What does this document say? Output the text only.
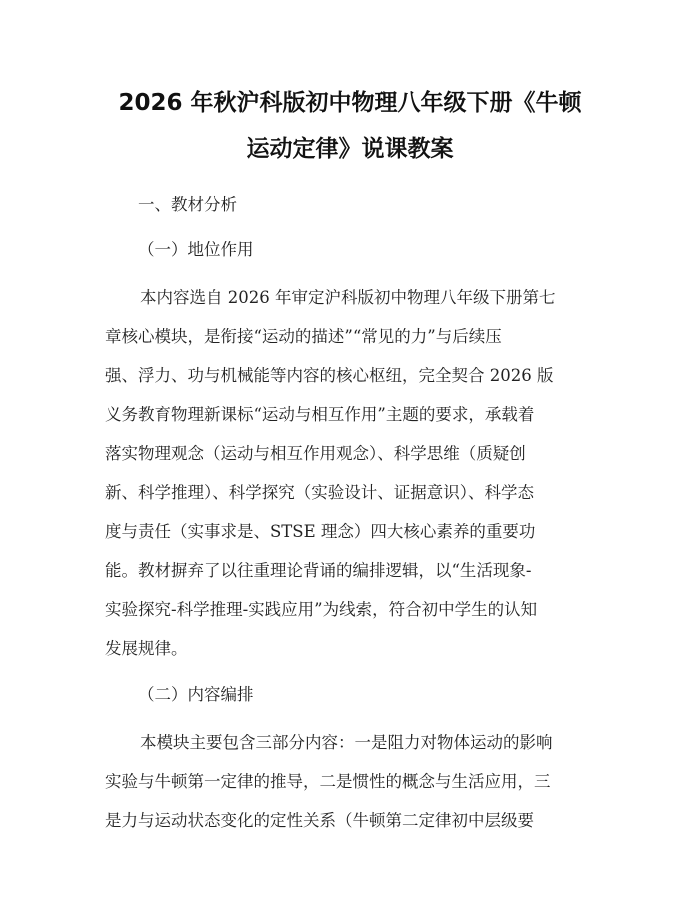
2026 年秋沪科版初中物理八年级下册《牛顿
运动定律》说课教案
一、教材分析
（一）地位作用
本内容选自 2026 年审定沪科版初中物理八年级下册第七
章核心模块，是衔接“运动的描述”“常见的力”与后续压
强、浮力、功与机械能等内容的核心枢纽，完全契合 2026 版
义务教育物理新课标“运动与相互作用”主题的要求，承载着
落实物理观念（运动与相互作用观念）、科学思维（质疑创
新、科学推理）、科学探究（实验设计、证据意识）、科学态
度与责任（实事求是、STSE 理念）四大核心素养的重要功
能。教材摒弃了以往重理论背诵的编排逻辑，以“生活现象-
实验探究-科学推理-实践应用”为线索，符合初中学生的认知
发展规律。
（二）内容编排
本模块主要包含三部分内容：一是阻力对物体运动的影响
实验与牛顿第一定律的推导，二是惯性的概念与生活应用，三
是力与运动状态变化的定性关系（牛顿第二定律初中层级要
